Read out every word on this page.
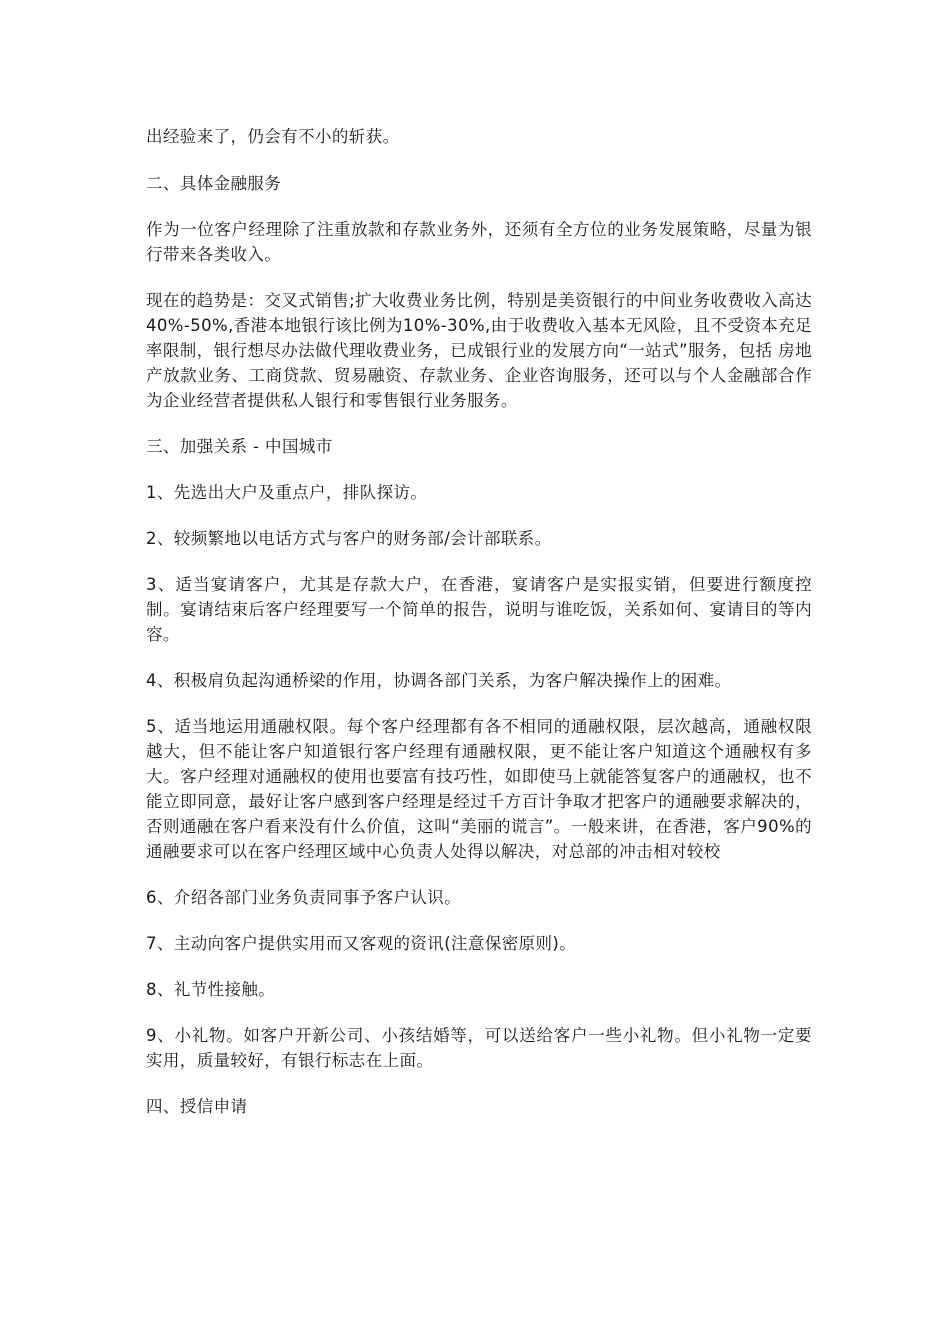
出经验来了，仍会有不小的斩获。

二、具体金融服务

作为一位客户经理除了注重放款和存款业务外，还须有全方位的业务发展策略，尽量为银行带来各类收入。

现在的趋势是：交叉式销售;扩大收费业务比例，特别是美资银行的中间业务收费收入高达40%-50%,香港本地银行该比例为10%-30%,由于收费收入基本无风险，且不受资本充足率限制，银行想尽办法做代理收费业务，已成银行业的发展方向“一站式”服务，包括 房地产放款业务、工商贷款、贸易融资、存款业务、企业咨询服务，还可以与个人金融部合作为企业经营者提供私人银行和零售银行业务服务。

三、加强关系 - 中国城市

1、先选出大户及重点户，排队探访。

2、较频繁地以电话方式与客户的财务部/会计部联系。

3、适当宴请客户，尤其是存款大户，在香港，宴请客户是实报实销，但要进行额度控制。宴请结束后客户经理要写一个简单的报告，说明与谁吃饭，关系如何、宴请目的等内容。

4、积极肩负起沟通桥梁的作用，协调各部门关系，为客户解决操作上的困难。

5、适当地运用通融权限。每个客户经理都有各不相同的通融权限，层次越高，通融权限越大，但不能让客户知道银行客户经理有通融权限，更不能让客户知道这个通融权有多大。客户经理对通融权的使用也要富有技巧性，如即使马上就能答复客户的通融权，也不能立即同意，最好让客户感到客户经理是经过千方百计争取才把客户的通融要求解决的，否则通融在客户看来没有什么价值，这叫“美丽的谎言”。一般来讲，在香港，客户90%的通融要求可以在客户经理区域中心负责人处得以解决，对总部的冲击相对较校

6、介绍各部门业务负责同事予客户认识。

7、主动向客户提供实用而又客观的资讯(注意保密原则)。

8、礼节性接触。

9、小礼物。如客户开新公司、小孩结婚等，可以送给客户一些小礼物。但小礼物一定要实用，质量较好，有银行标志在上面。

四、授信申请
